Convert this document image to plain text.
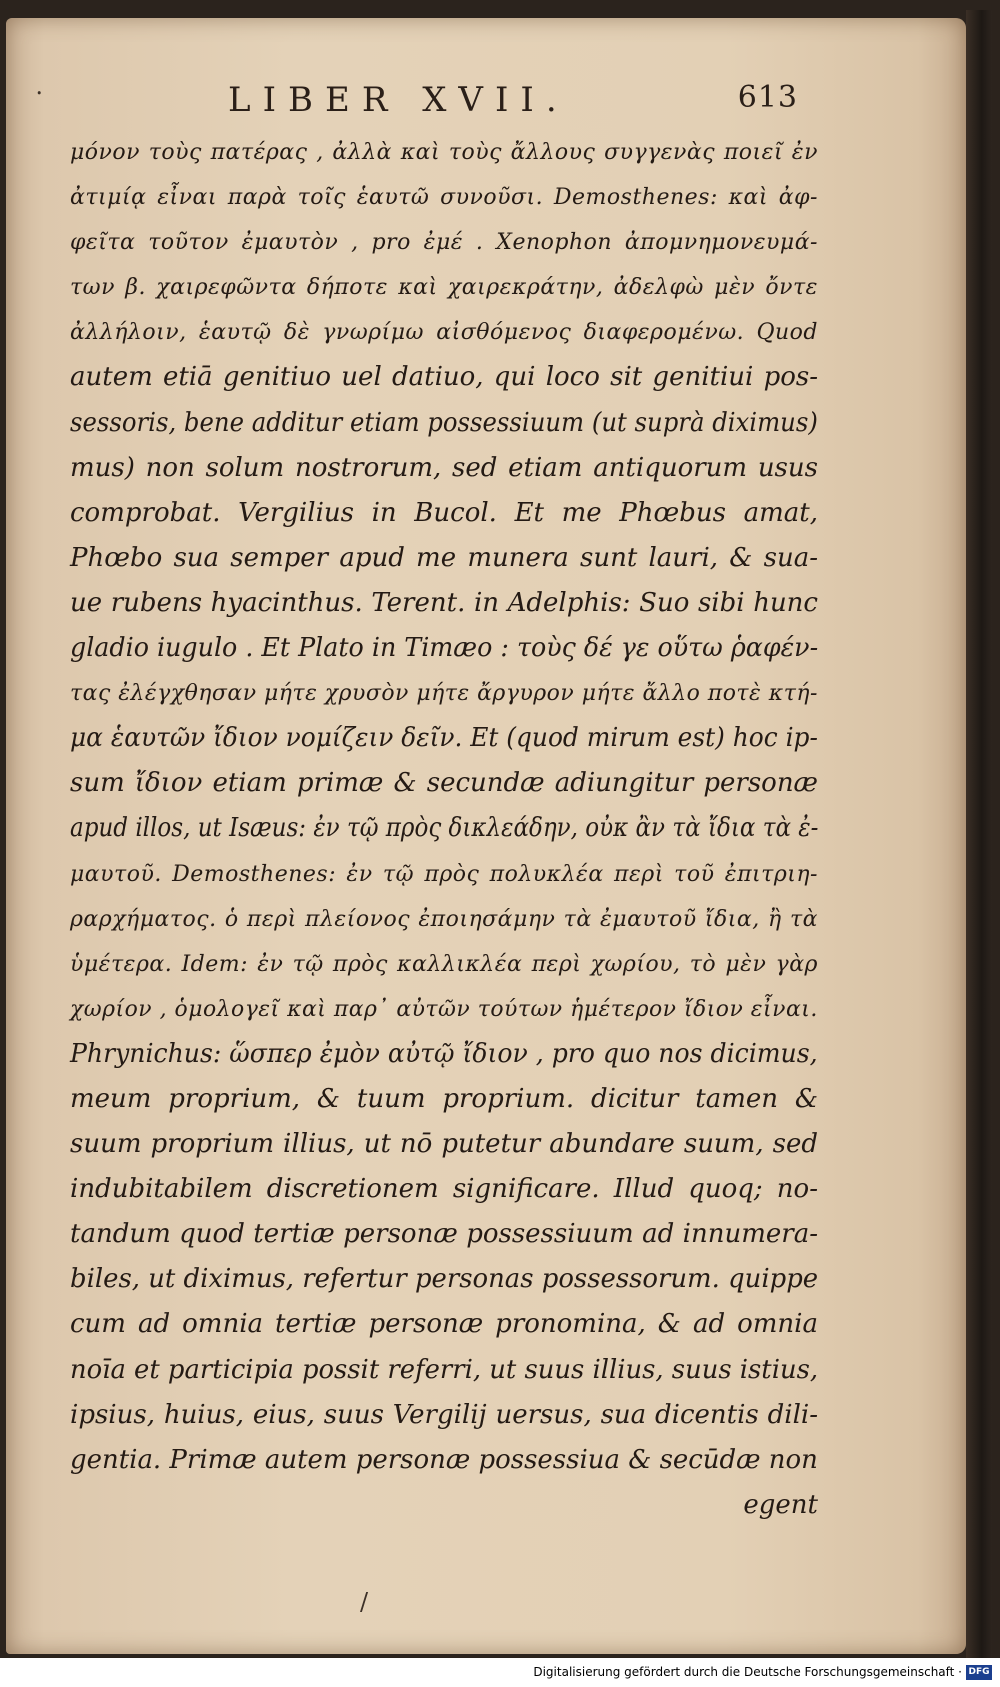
⸱	LIBER XVII.	613
μόνον τοὺς πατέρας , ἀλλὰ καὶ τοὺς ἄλλους συγγενὰς ποιεῖ ἐν
ἀτιμίᾳ εἶναι παρὰ τοῖς ἑαυτῶ συνοῦσι. Demosthenes: καὶ ἀφ-
φεῖτα τοῦτον ἐμαυτὸν , pro ἐμέ . Xenophon ἀπομνημονευμά-
των β. χαιρεφῶντα δήποτε καὶ χαιρεκράτην, ἀδελφὼ μὲν ὄντε
ἀλλήλοιν, ἑαυτῷ δὲ γνωρίμω αἰσθόμενος διαφερομένω. Quod
autem etiā genitiuo uel datiuo, qui loco sit genitiui pos-
sessoris, bene additur etiam possessiuum (ut suprà diximus)
mus) non solum nostrorum, sed etiam antiquorum usus
comprobat. Vergilius in Bucol. Et me Phœbus amat,
Phœbo sua semper apud me munera sunt lauri, & sua-
ue rubens hyacinthus. Terent. in Adelphis: Suo sibi hunc
gladio iugulo . Et Plato in Timæo : τοὺς δέ γε οὕτω ῥαφέν-
τας ἐλέγχθησαν μήτε χρυσὸν μήτε ἄργυρον μήτε ἄλλο ποτὲ κτή-
μα ἑαυτῶν ἴδιον νομίζειν δεῖν. Et (quod mirum est) hoc ip-
sum ἴδιον etiam primæ & secundæ adiungitur personæ
apud illos, ut Isæus: ἐν τῷ πρὸς δικλεάδην, οὐκ ἂν τὰ ἴδια τὰ ἐ-
μαυτοῦ. Demosthenes: ἐν τῷ πρὸς πολυκλέα περὶ τοῦ ἐπιτριη-
ραρχήματος. ὁ περὶ πλείονος ἐποιησάμην τὰ ἐμαυτοῦ ἴδια, ἢ τὰ
ὑμέτερα. Idem: ἐν τῷ πρὸς καλλικλέα περὶ χωρίου, τὸ μὲν γὰρ
χωρίον , ὁμολογεῖ καὶ παρ᾽ αὐτῶν τούτων ἡμέτερον ἴδιον εἶναι.
Phrynichus: ὥσπερ ἐμὸν αὐτῷ ἴδιον , pro quo nos dicimus,
meum proprium, & tuum proprium. dicitur tamen &
suum proprium illius, ut nō putetur abundare suum, sed
indubitabilem discretionem significare. Illud quoq; no-
tandum quod tertiæ personæ possessiuum ad innumera-
biles, ut diximus, refertur personas possessorum. quippe
cum ad omnia tertiæ personæ pronomina, & ad omnia
noīa et participia possit referri, ut suus illius, suus istius,
ipsius, huius, eius, suus Vergilij uersus, sua dicentis dili-
gentia. Primæ autem personæ possessiua & secūdæ non
egent
/
Digitalisierung gefördert durch die Deutsche Forschungsgemeinschaft · DFG
